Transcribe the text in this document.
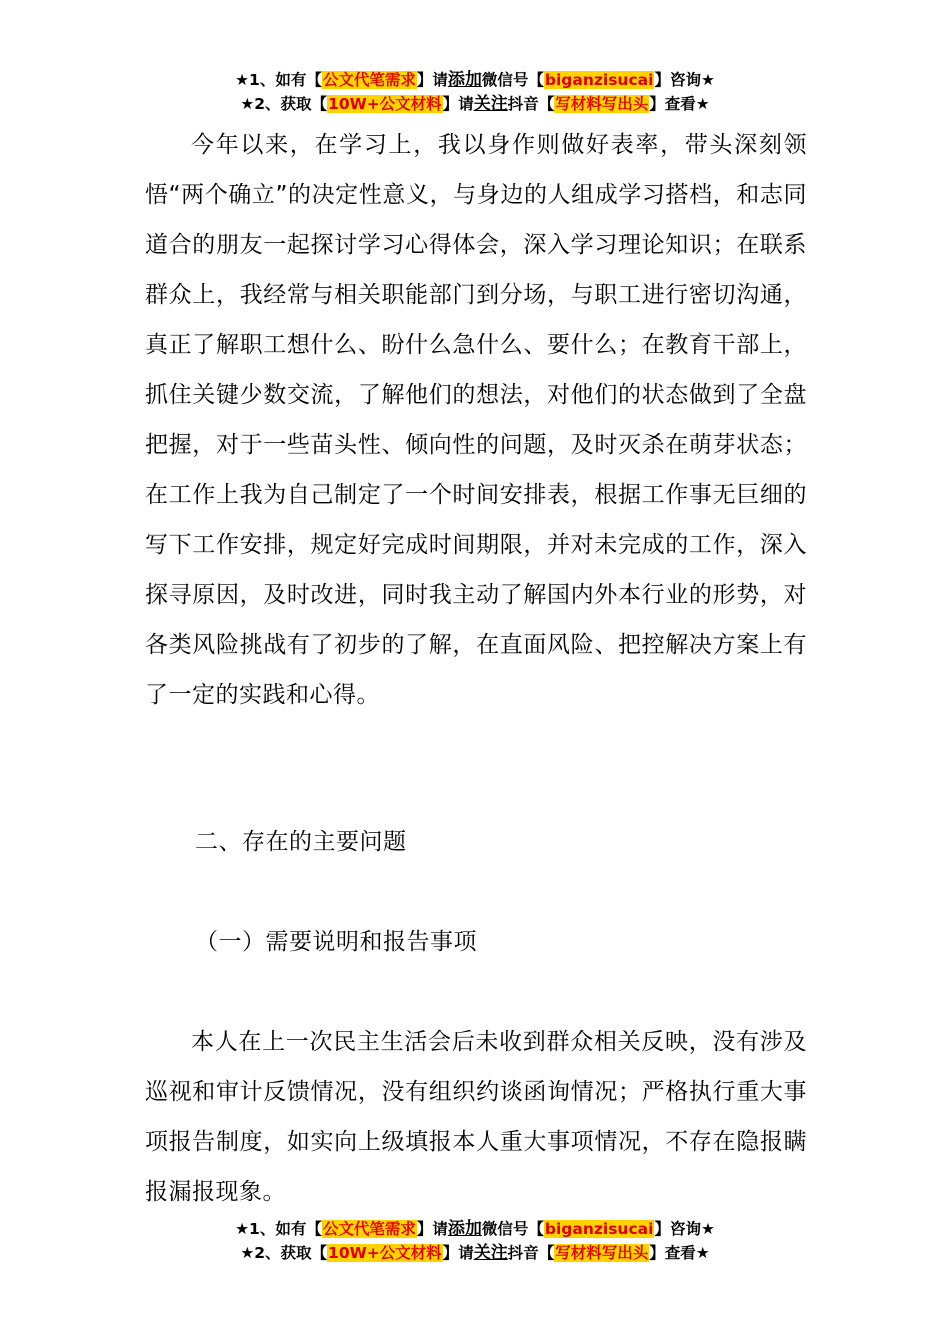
★1、如有【公文代笔需求】请添加微信号【biganzisucai】咨询★
★2、获取【10W+公文材料】请关注抖音【写材料写出头】查看★

今年以来，在学习上，我以身作则做好表率，带头深刻领悟“两个确立”的决定性意义，与身边的人组成学习搭档，和志同道合的朋友一起探讨学习心得体会，深入学习理论知识；在联系群众上，我经常与相关职能部门到分场，与职工进行密切沟通，真正了解职工想什么、盼什么急什么、要什么；在教育干部上，抓住关键少数交流，了解他们的想法，对他们的状态做到了全盘把握，对于一些苗头性、倾向性的问题，及时灭杀在萌芽状态；在工作上我为自己制定了一个时间安排表，根据工作事无巨细的写下工作安排，规定好完成时间期限，并对未完成的工作，深入探寻原因，及时改进，同时我主动了解国内外本行业的形势，对各类风险挑战有了初步的了解，在直面风险、把控解决方案上有了一定的实践和心得。

二、存在的主要问题
（一）需要说明和报告事项

本人在上一次民主生活会后未收到群众相关反映，没有涉及巡视和审计反馈情况，没有组织约谈函询情况；严格执行重大事项报告制度，如实向上级填报本人重大事项情况，不存在隐报瞒报漏报现象。

★1、如有【公文代笔需求】请添加微信号【biganzisucai】咨询★
★2、获取【10W+公文材料】请关注抖音【写材料写出头】查看★
